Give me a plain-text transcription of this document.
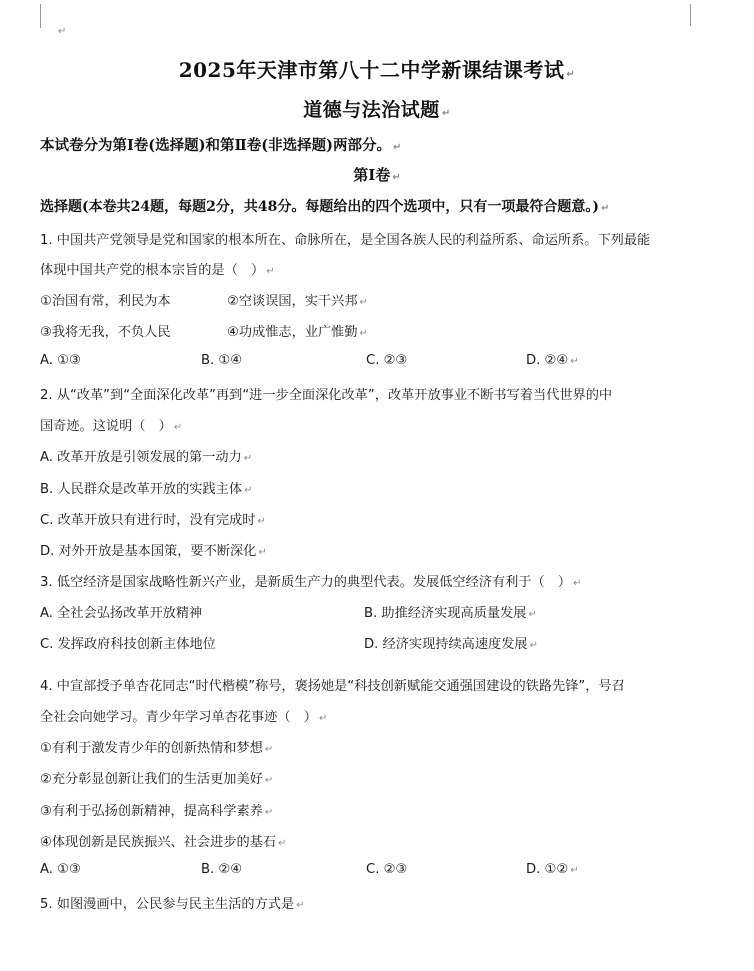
↵
2025年天津市第八十二中学新课结课考试 ↵
道德与法治试题 ↵
本试卷分为第Ⅰ卷(选择题)和第Ⅱ卷(非选择题)两部分。 ↵
第Ⅰ卷 ↵
选择题(本卷共24题，每题2分，共48分。每题给出的四个选项中，只有一项最符合题意。) ↵
1. 中国共产党领导是党和国家的根本所在、命脉所在，是全国各族人民的利益所系、命运所系。下列最能
体现中国共产党的根本宗旨的是（　） ↵
①治国有常，利民为本	②空谈误国，实干兴邦 ↵
③我将无我，不负人民	④功成惟志，业广惟勤 ↵
A. ①③	B. ①④	C. ②③	D. ②④ ↵
2. 从“改革”到“全面深化改革”再到“进一步全面深化改革”，改革开放事业不断书写着当代世界的中
国奇迹。这说明（　） ↵
A. 改革开放是引领发展的第一动力 ↵
B. 人民群众是改革开放的实践主体 ↵
C. 改革开放只有进行时，没有完成时 ↵
D. 对外开放是基本国策，要不断深化 ↵
3. 低空经济是国家战略性新兴产业，是新质生产力的典型代表。发展低空经济有利于（　） ↵
A. 全社会弘扬改革开放精神	B. 助推经济实现高质量发展 ↵
C. 发挥政府科技创新主体地位	D. 经济实现持续高速度发展 ↵
4. 中宣部授予单杏花同志“时代楷模”称号，褒扬她是“科技创新赋能交通强国建设的铁路先锋”，号召
全社会向她学习。青少年学习单杏花事迹（　） ↵
①有利于激发青少年的创新热情和梦想 ↵
②充分彰显创新让我们的生活更加美好 ↵
③有利于弘扬创新精神，提高科学素养 ↵
④体现创新是民族振兴、社会进步的基石 ↵
A. ①③	B. ②④	C. ②③	D. ①② ↵
5. 如图漫画中，公民参与民主生活的方式是 ↵
